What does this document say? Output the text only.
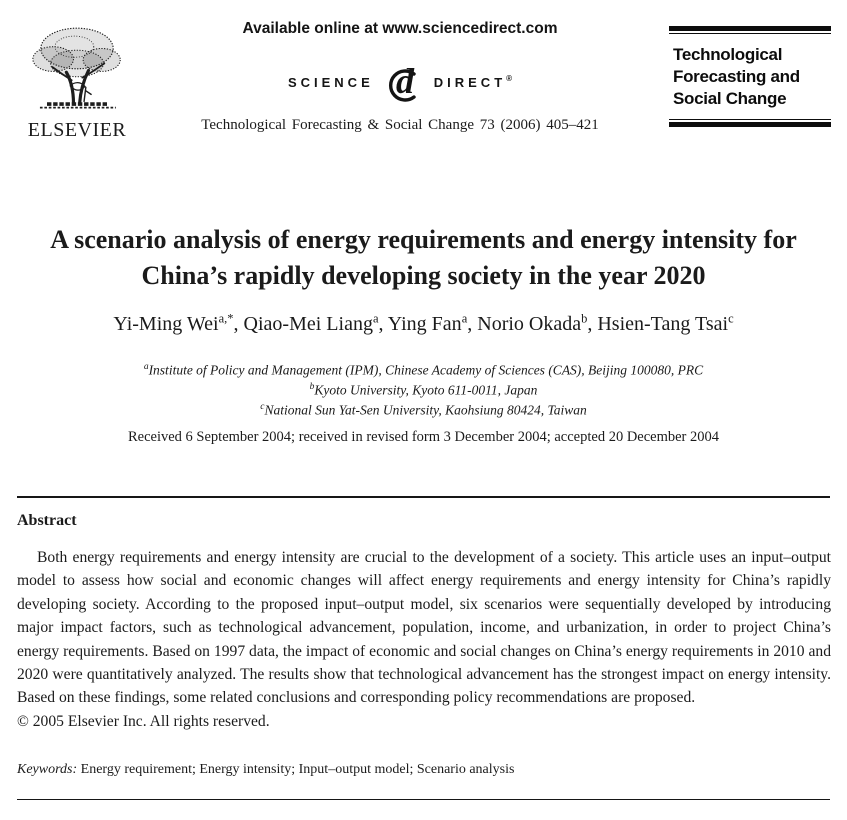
ELSEVIER
Available online at www.sciencedirect.com
SCIENCE d DIRECT®
Technological Forecasting & Social Change 73 (2006) 405–421
Technological
Forecasting and
Social Change
A scenario analysis of energy requirements and energy intensity for
China’s rapidly developing society in the year 2020
Yi-Ming Wei$^{a,*}$, Qiao-Mei Liang$^a$, Ying Fan$^a$, Norio Okada$^b$, Hsien-Tang Tsai$^c$
$^a$Institute of Policy and Management (IPM), Chinese Academy of Sciences (CAS), Beijing 100080, PRC
$^b$Kyoto University, Kyoto 611-0011, Japan
$^c$National Sun Yat-Sen University, Kaohsiung 80424, Taiwan
Received 6 September 2004; received in revised form 3 December 2004; accepted 20 December 2004
Abstract

Both energy requirements and energy intensity are crucial to the development of a society. This article uses an input–output model to assess how social and economic changes will affect energy requirements and energy intensity for China’s rapidly developing society. According to the proposed input–output model, six scenarios were sequentially developed by introducing major impact factors, such as technological advancement, population, income, and urbanization, in order to project China’s energy requirements. Based on 1997 data, the impact of economic and social changes on China’s energy requirements in 2010 and 2020 were quantitatively analyzed. The results show that technological advancement has the strongest impact on energy intensity. Based on these findings, some related conclusions and corresponding policy recommendations are proposed.

© 2005 Elsevier Inc. All rights reserved.
Keywords: Energy requirement; Energy intensity; Input–output model; Scenario analysis
